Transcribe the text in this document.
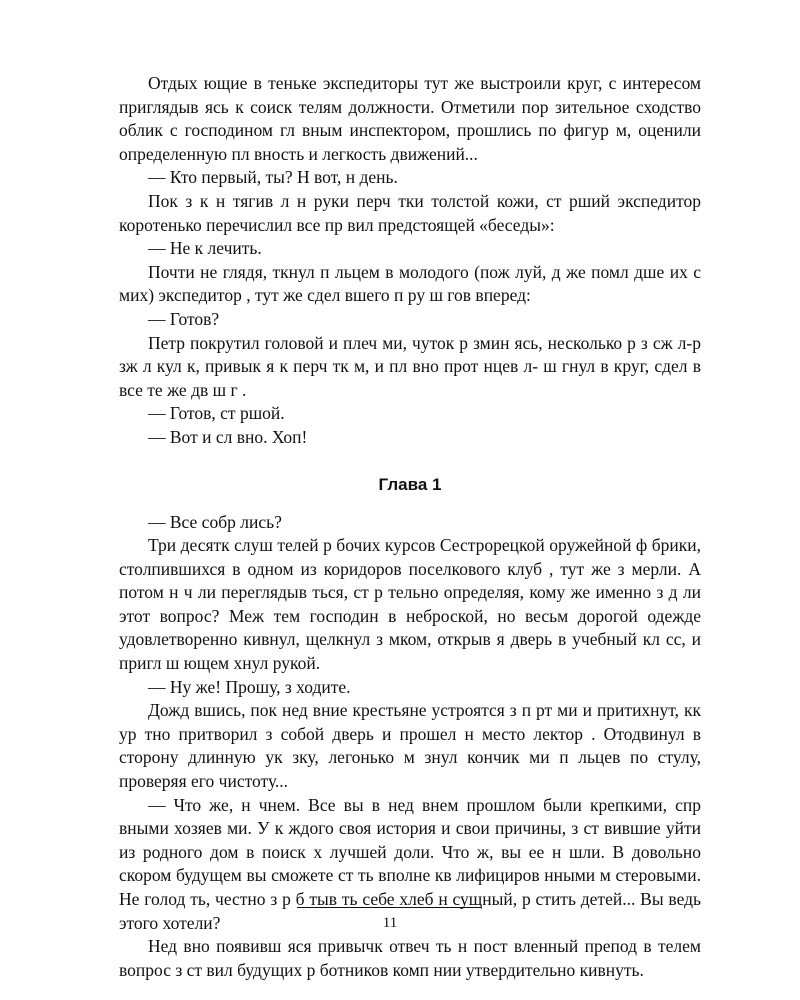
Отдых ющие в теньке экспедиторы тут же выстроили круг, с интересом приглядыв ясь к соиск телям должности. Отметили пор зительное сходство облик с господином гл вным инспектором, прошлись по фигур м, оценили определенную пл вность и легкость движений...

— Кто первый, ты? Н вот, н день.

Пок з к н тягив л н руки перч тки толстой кожи, ст рший экспедитор коротенько перечислил все пр вил предстоящей «беседы»:

— Не к лечить.

Почти не глядя, ткнул п льцем в молодого (пож луй, д же помл дше их с мих) экспедитор , тут же сдел вшего п ру ш гов вперед:

— Готов?

Петр покрутил головой и плеч ми, чуток р змин ясь, несколько р з сж л-р зж л кул к, привык я к перч тк м, и пл вно прот нцев л- ш гнул в круг, сдел в все те же дв ш г .

— Готов, ст ршой.

— Вот и сл вно. Хоп!

Глава 1

— Все собр лись?

Три десятк слуш телей р бочих курсов Сестрорецкой оружейной ф брики, столпившихся в одном из коридоров поселкового клуб , тут же з мерли. А потом н ч ли переглядыв ться, ст р тельно определяя, кому же именно з д ли этот вопрос? Меж тем господин в неброской, но весьм дорогой одежде удовлетворенно кивнул, щелкнул з мком, открыв я дверь в учебный кл сс, и пригл ш ющем хнул рукой.

— Ну же! Прошу, з ходите.

Дожд вшись, пок нед вние крестьяне устроятся з п рт ми и притихнут, кк ур тно притворил з собой дверь и прошел н место лектор . Отодвинул в сторону длинную ук зку, легонько м знул кончик ми п льцев по стулу, проверяя его чистоту...

— Что же, н чнем. Все вы в нед внем прошлом были крепкими, спр вными хозяев ми. У к ждого своя история и свои причины, з ст вившие уйти из родного дом в поиск х лучшей доли. Что ж, вы ее н шли. В довольно скором будущем вы сможете ст ть вполне кв лифициров нными м стеровыми. Не голод ть, честно з р б тыв ть себе хлеб н сущный, р стить детей... Вы ведь этого хотели?

Нед вно появивш яся привычк отвеч ть н пост вленный препод в телем вопрос з ст вил будущих р ботников комп нии утвердительно кивнуть.

11
